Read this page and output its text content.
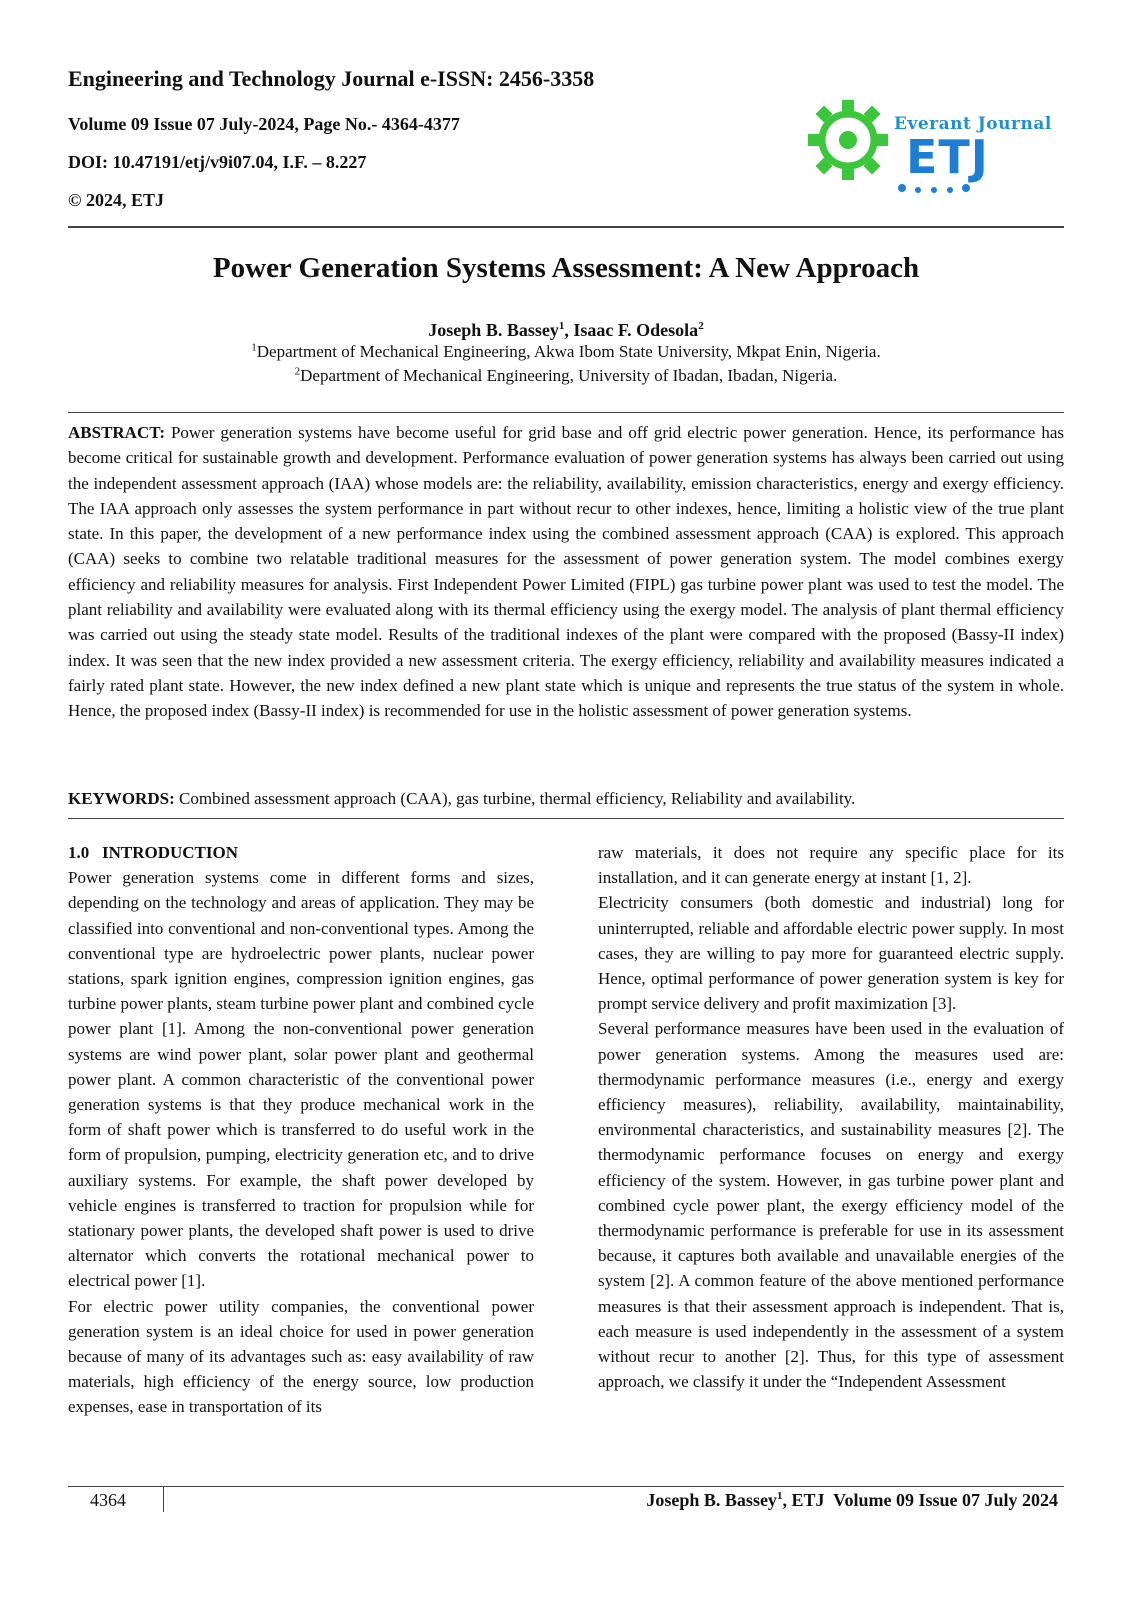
Engineering and Technology Journal e-ISSN: 2456-3358
Volume 09 Issue 07 July-2024, Page No.- 4364-4377
DOI: 10.47191/etj/v9i07.04, I.F. – 8.227
© 2024, ETJ
Everant Journal
ETJ
Power Generation Systems Assessment: A New Approach
Joseph B. Bassey$^1$, Isaac F. Odesola$^2$
$^1$Department of Mechanical Engineering, Akwa Ibom State University, Mkpat Enin, Nigeria.
$^2$Department of Mechanical Engineering, University of Ibadan, Ibadan, Nigeria.
ABSTRACT: Power generation systems have become useful for grid base and off grid electric power generation. Hence, its performance has become critical for sustainable growth and development. Performance evaluation of power generation systems has always been carried out using the independent assessment approach (IAA) whose models are: the reliability, availability, emission characteristics, energy and exergy efficiency. The IAA approach only assesses the system performance in part without recur to other indexes, hence, limiting a holistic view of the true plant state. In this paper, the development of a new performance index using the combined assessment approach (CAA) is explored. This approach (CAA) seeks to combine two relatable traditional measures for the assessment of power generation system. The model combines exergy efficiency and reliability measures for analysis. First Independent Power Limited (FIPL) gas turbine power plant was used to test the model. The plant reliability and availability were evaluated along with its thermal efficiency using the exergy model. The analysis of plant thermal efficiency was carried out using the steady state model. Results of the traditional indexes of the plant were compared with the proposed (Bassy-II index) index. It was seen that the new index provided a new assessment criteria. The exergy efficiency, reliability and availability measures indicated a fairly rated plant state. However, the new index defined a new plant state which is unique and represents the true status of the system in whole. Hence, the proposed index (Bassy-II index) is recommended for use in the holistic assessment of power generation systems.
KEYWORDS: Combined assessment approach (CAA), gas turbine, thermal efficiency, Reliability and availability.

1.0   INTRODUCTION

Power generation systems come in different forms and sizes, depending on the technology and areas of application. They may be classified into conventional and non-conventional types. Among the conventional type are hydroelectric power plants, nuclear power stations, spark ignition engines, compression ignition engines, gas turbine power plants, steam turbine power plant and combined cycle power plant [1]. Among the non-conventional power generation systems are wind power plant, solar power plant and geothermal power plant. A common characteristic of the conventional power generation systems is that they produce mechanical work in the form of shaft power which is transferred to do useful work in the form of propulsion, pumping, electricity generation etc, and to drive auxiliary systems. For example, the shaft power developed by vehicle engines is transferred to traction for propulsion while for stationary power plants, the developed shaft power is used to drive alternator which converts the rotational mechanical power to electrical power [1].

For electric power utility companies, the conventional power generation system is an ideal choice for used in power generation because of many of its advantages such as: easy availability of raw materials, high efficiency of the energy source, low production expenses, ease in transportation of its

raw materials, it does not require any specific place for its installation, and it can generate energy at instant [1, 2].

Electricity consumers (both domestic and industrial) long for uninterrupted, reliable and affordable electric power supply. In most cases, they are willing to pay more for guaranteed electric supply. Hence, optimal performance of power generation system is key for prompt service delivery and profit maximization [3].

Several performance measures have been used in the evaluation of power generation systems. Among the measures used are: thermodynamic performance measures (i.e., energy and exergy efficiency measures), reliability, availability, maintainability, environmental characteristics, and sustainability measures [2]. The thermodynamic performance focuses on energy and exergy efficiency of the system. However, in gas turbine power plant and combined cycle power plant, the exergy efficiency model of the thermodynamic performance is preferable for use in its assessment because, it captures both available and unavailable energies of the system [2]. A common feature of the above mentioned performance measures is that their assessment approach is independent. That is, each measure is used independently in the assessment of a system without recur to another [2]. Thus, for this type of assessment approach, we classify it under the “Independent Assessment

4364	Joseph B. Bassey$^1$, ETJ  Volume 09 Issue 07 July 2024
